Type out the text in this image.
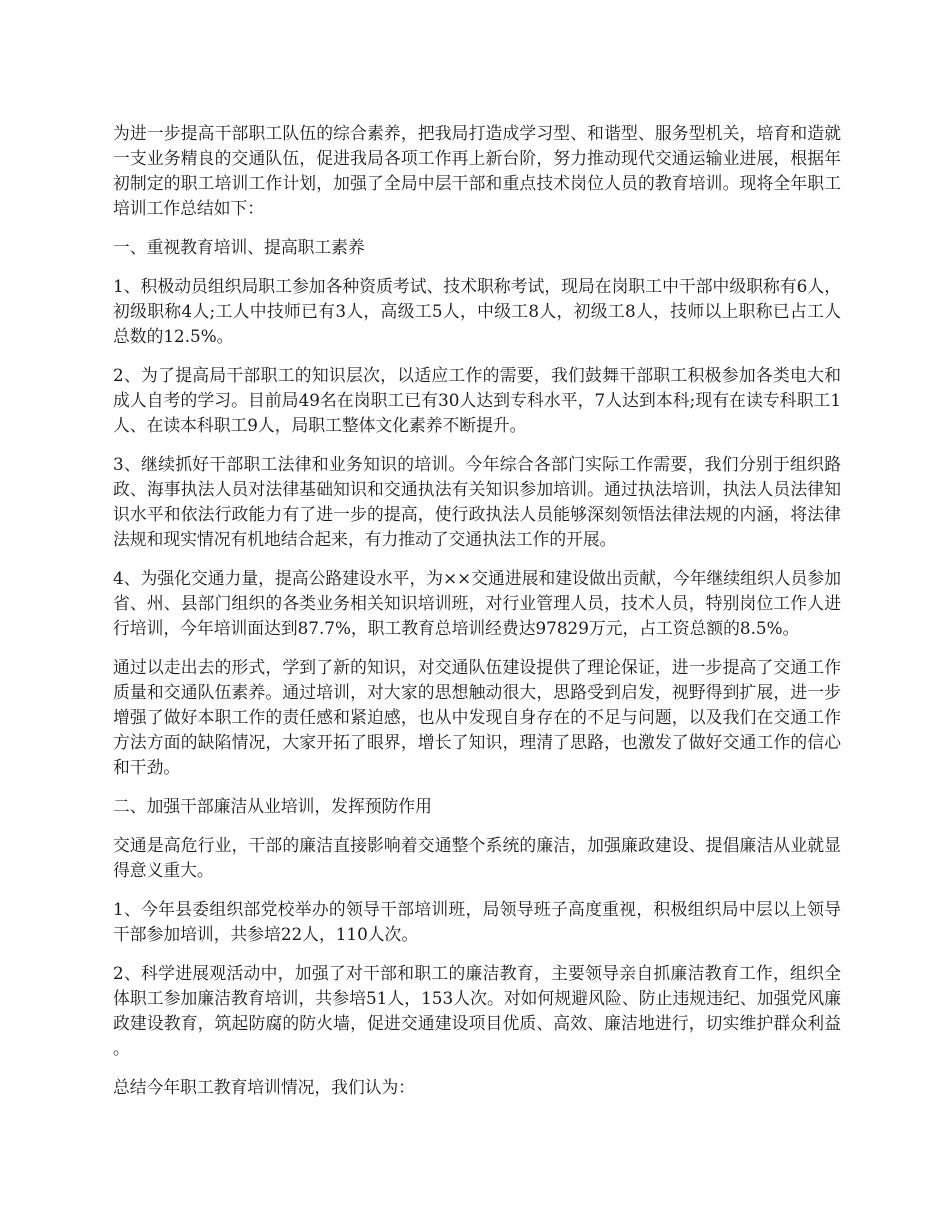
为进一步提高干部职工队伍的综合素养，把我局打造成学习型、和谐型、服务型机关，培育和造就一支业务精良的交通队伍，促进我局各项工作再上新台阶，努力推动现代交通运输业进展，根据年初制定的职工培训工作计划，加强了全局中层干部和重点技术岗位人员的教育培训。现将全年职工培训工作总结如下：

一、重视教育培训、提高职工素养

1、积极动员组织局职工参加各种资质考试、技术职称考试，现局在岗职工中干部中级职称有6人，初级职称4人;工人中技师已有3人，高级工5人，中级工8人，初级工8人，技师以上职称已占工人总数的12.5%。

2、为了提高局干部职工的知识层次，以适应工作的需要，我们鼓舞干部职工积极参加各类电大和成人自考的学习。目前局49名在岗职工已有30人达到专科水平，7人达到本科;现有在读专科职工1人、在读本科职工9人，局职工整体文化素养不断提升。

3、继续抓好干部职工法律和业务知识的培训。今年综合各部门实际工作需要，我们分别于组织路政、海事执法人员对法律基础知识和交通执法有关知识参加培训。通过执法培训，执法人员法律知识水平和依法行政能力有了进一步的提高，使行政执法人员能够深刻领悟法律法规的内涵，将法律法规和现实情况有机地结合起来，有力推动了交通执法工作的开展。

4、为强化交通力量，提高公路建设水平，为××交通进展和建设做出贡献，今年继续组织人员参加省、州、县部门组织的各类业务相关知识培训班，对行业管理人员，技术人员，特别岗位工作人进行培训，今年培训面达到87.7%，职工教育总培训经费达97829万元，占工资总额的8.5%。

通过以走出去的形式，学到了新的知识，对交通队伍建设提供了理论保证，进一步提高了交通工作质量和交通队伍素养。通过培训，对大家的思想触动很大，思路受到启发，视野得到扩展，进一步增强了做好本职工作的责任感和紧迫感，也从中发现自身存在的不足与问题，以及我们在交通工作方法方面的缺陷情况，大家开拓了眼界，增长了知识，理清了思路，也激发了做好交通工作的信心和干劲。

二、加强干部廉洁从业培训，发挥预防作用

交通是高危行业，干部的廉洁直接影响着交通整个系统的廉洁，加强廉政建设、提倡廉洁从业就显得意义重大。

1、今年县委组织部党校举办的领导干部培训班，局领导班子高度重视，积极组织局中层以上领导干部参加培训，共参培22人，110人次。

2、科学进展观活动中，加强了对干部和职工的廉洁教育，主要领导亲自抓廉洁教育工作，组织全体职工参加廉洁教育培训，共参培51人，153人次。对如何规避风险、防止违规违纪、加强党风廉政建设教育，筑起防腐的防火墙，促进交通建设项目优质、高效、廉洁地进行，切实维护群众利益。

总结今年职工教育培训情况，我们认为：
